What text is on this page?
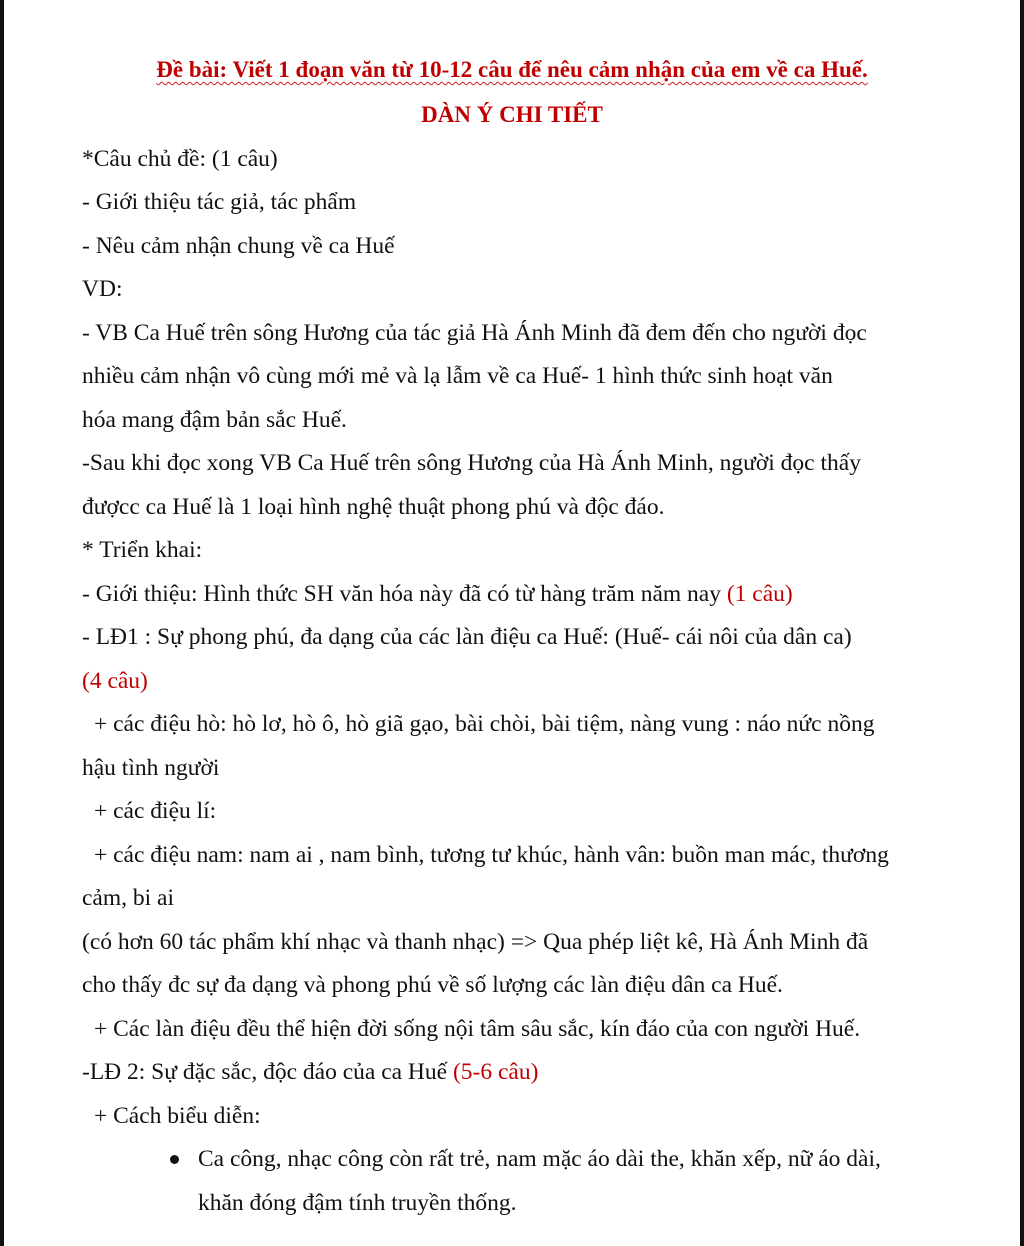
Đề bài: Viết 1 đoạn văn từ 10-12 câu để nêu cảm nhận của em về ca Huế.
DÀN Ý CHI TIẾT
*Câu chủ đề: (1 câu)
- Giới thiệu tác giả, tác phẩm
- Nêu cảm nhận chung về ca Huế
VD:
- VB Ca Huế trên sông Hương của tác giả Hà Ánh Minh đã đem đến cho người đọc
nhiều cảm nhận vô cùng mới mẻ và lạ lẫm về ca Huế- 1 hình thức sinh hoạt văn
hóa mang đậm bản sắc Huế.
-Sau khi đọc xong VB Ca Huế trên sông Hương của Hà Ánh Minh, người đọc thấy
đượcc ca Huế là 1 loại hình nghệ thuật phong phú và độc đáo.
* Triển khai:
- Giới thiệu: Hình thức SH văn hóa này đã có từ hàng trăm năm nay (1 câu)
- LĐ1 : Sự phong phú, đa dạng của các làn điệu ca Huế: (Huế- cái nôi của dân ca)
(4 câu)
+ các điệu hò: hò lơ, hò ô, hò giã gạo, bài chòi, bài tiệm, nàng vung : náo nức nồng
hậu tình người
+ các điệu lí:
+ các điệu nam: nam ai , nam bình, tương tư khúc, hành vân: buồn man mác, thương
cảm, bi ai
(có hơn 60 tác phẩm khí nhạc và thanh nhạc) => Qua phép liệt kê, Hà Ánh Minh đã
cho thấy đc sự đa dạng và phong phú về số lượng các làn điệu dân ca Huế.
+ Các làn điệu đều thể hiện đời sống nội tâm sâu sắc, kín đáo của con người Huế.
-LĐ 2: Sự đặc sắc, độc đáo của ca Huế (5-6 câu)
+ Cách biểu diễn:
Ca công, nhạc công còn rất trẻ, nam mặc áo dài the, khăn xếp, nữ áo dài,
khăn đóng đậm tính truyền thống.
